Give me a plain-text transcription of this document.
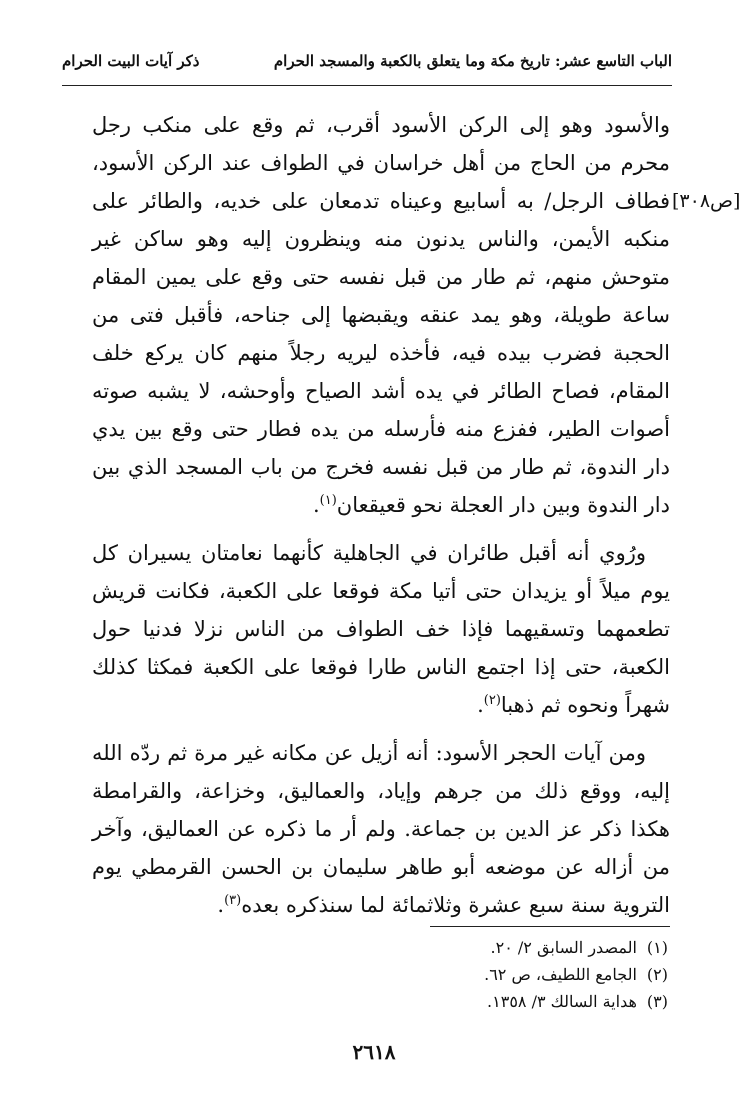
الباب التاسع عشر: تاريخ مكة وما يتعلق بالكعبة والمسجد الحرام
ذكر آيات البيت الحرام
[ص٣٠٨]

والأسود وهو إلى الركن الأسود أقرب، ثم وقع على منكب رجل محرم من الحاج من أهل خراسان في الطواف عند الركن الأسود، فطاف الرجل/ به أسابيع وعيناه تدمعان على خديه، والطائر على منكبه الأيمن، والناس يدنون منه وينظرون إليه وهو ساكن غير متوحش منهم، ثم طار من قبل نفسه حتى وقع على يمين المقام ساعة طويلة، وهو يمد عنقه ويقبضها إلى جناحه، فأقبل فتى من الحجبة فضرب بيده فيه، فأخذه ليريه رجلاً منهم كان يركع خلف المقام، فصاح الطائر في يده أشد الصياح وأوحشه، لا يشبه صوته أصوات الطير، ففزع منه فأرسله من يده فطار حتى وقع بين يدي دار الندوة، ثم طار من قبل نفسه فخرج من باب المسجد الذي بين دار الندوة وبين دار العجلة نحو قعيقعان$^{(١)}$.

ورُوي أنه أقبل طائران في الجاهلية كأنهما نعامتان يسيران كل يوم ميلاً أو يزيدان حتى أتيا مكة فوقعا على الكعبة، فكانت قريش تطعمهما وتسقيهما فإذا خف الطواف من الناس نزلا فدنيا حول الكعبة، حتى إذا اجتمع الناس طارا فوقعا على الكعبة فمكثا كذلك شهراً ونحوه ثم ذهبا$^{(٢)}$.

ومن آيات الحجر الأسود: أنه أزيل عن مكانه غير مرة ثم ردّه الله إليه، ووقع ذلك من جرهم وإياد، والعماليق، وخزاعة، والقرامطة هكذا ذكر عز الدين بن جماعة. ولم أر ما ذكره عن العماليق، وآخر من أزاله عن موضعه أبو طاهر سليمان بن الحسن القرمطي يوم التروية سنة سبع عشرة وثلاثمائة لما سنذكره بعده$^{(٣)}$.

(١) المصدر السابق ٢/ ٢٠.
(٢) الجامع اللطيف، ص ٦٢.
(٣) هداية السالك ٣/ ١٣٥٨.
٢٦١٨
